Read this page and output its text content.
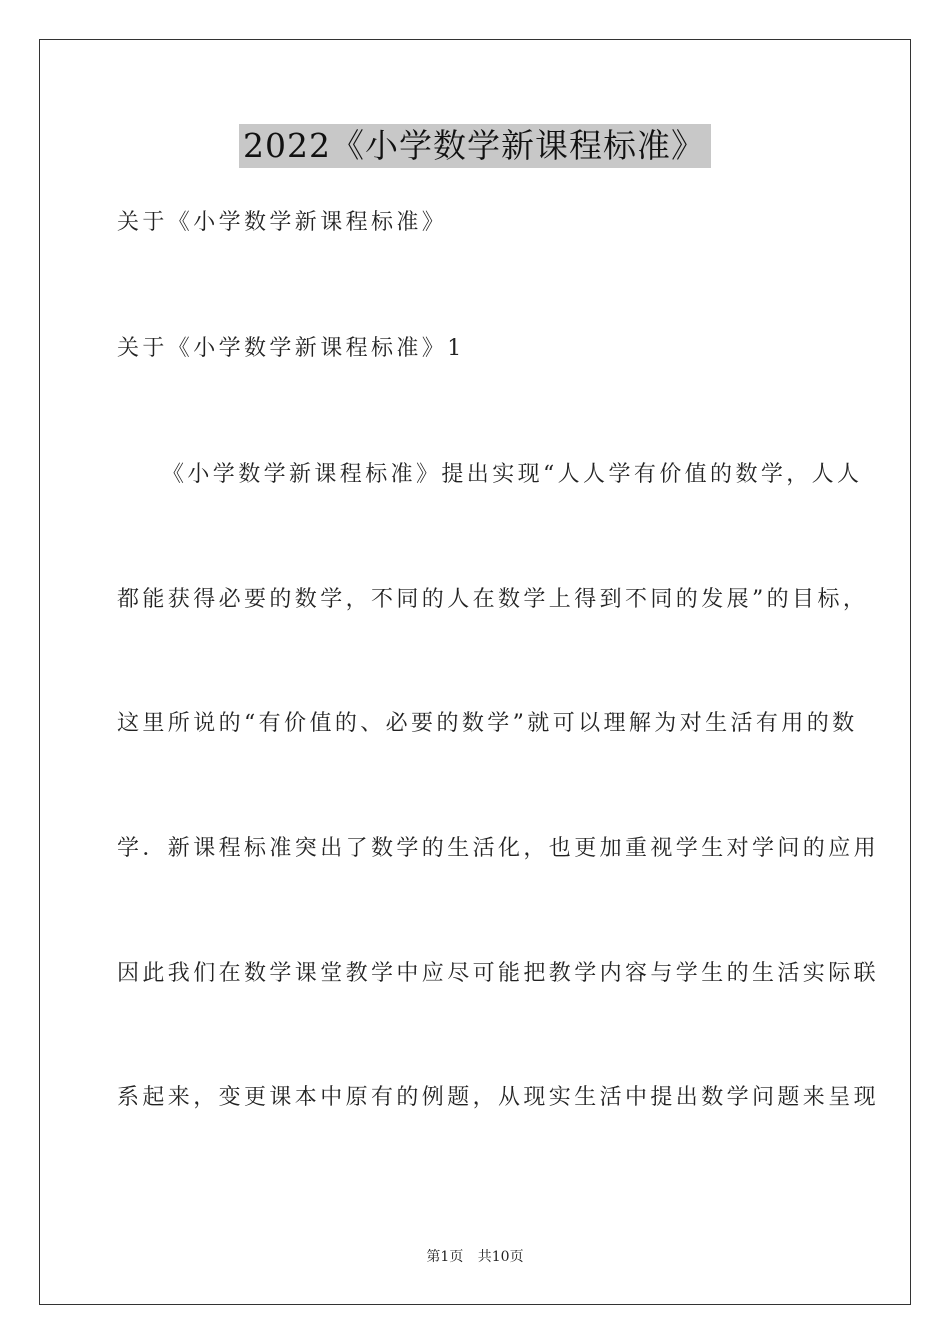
2022《小学数学新课程标准》
关于《小学数学新课程标准》
关于《小学数学新课程标准》1
《小学数学新课程标准》提出实现“人人学有价值的数学，人人
都能获得必要的数学，不同的人在数学上得到不同的发展”的目标，
这里所说的“有价值的、必要的数学”就可以理解为对生活有用的数
学．新课程标准突出了数学的生活化，也更加重视学生对学问的应用
因此我们在数学课堂教学中应尽可能把教学内容与学生的生活实际联
系起来，变更课本中原有的例题，从现实生活中提出数学问题来呈现
第1页 共10页
